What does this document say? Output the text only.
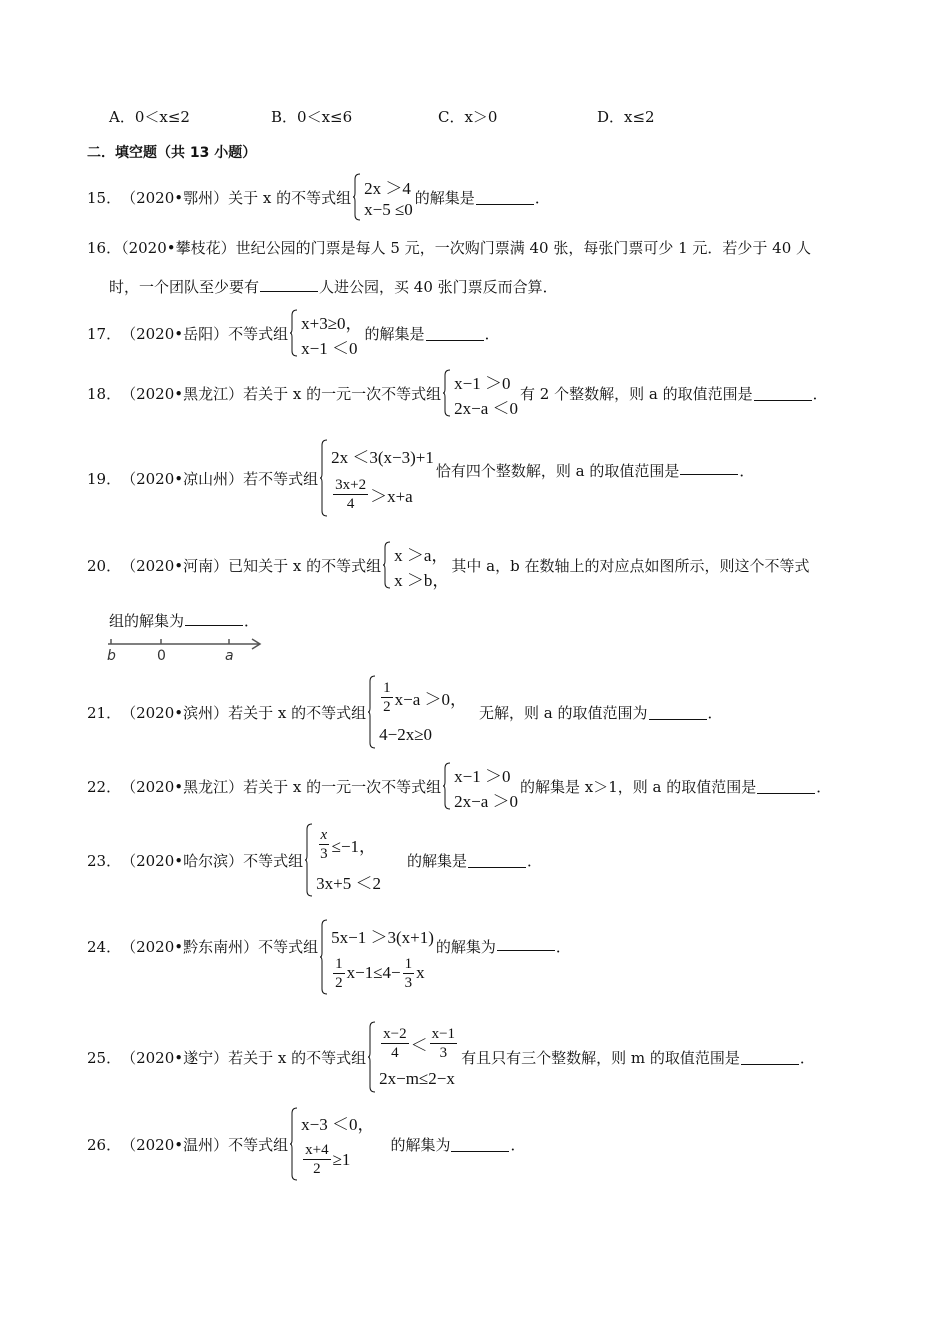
A．0＜x≤2	B．0＜x≤6	C．x＞0	D．x≤2
二．填空题（共 13 小题）
15． （2020•鄂州）关于 x 的不等式组 2x ＞4
x−5 ≤0
的解集是	．
16．（2020•攀枝花）世纪公园的门票是每人 5 元，一次购门票满 40 张，每张门票可少 1 元．若少于 40 人
时，一个团队至少要有	人进公园，买 40 张门票反而合算．
17． （2020•岳阳）不等式组
x+3≥0，
x−1 ＜0
的解集是	．
18． （2020•黑龙江）若关于 x 的一元一次不等式组
x−1 ＞0
2x−a ＜0
有 2 个整数解，则 a 的取值范围是	．
19． （2020•凉山州）若不等式组
2x ＜3(x−3)+1
$\frac{3x+2}{4} >x+a$
恰有四个整数解，则 a 的取值范围是	．
20． （2020•河南）已知关于 x 的不等式组
x ＞a，
x ＞b，
其中 a，b 在数轴上的对应点如图所示，则这个不等式
组的解集为	．
b	0	a
21． （2020•滨州）若关于 x 的不等式组 $\frac{1}{2} x-a >0$，
4−2x≥0
无解，则 a 的取值范围为	．
22． （2020•黑龙江）若关于 x 的一元一次不等式组
x−1 ＞0
2x−a ＞0
的解集是 x＞1，则 a 的取值范围是	．
23． （2020•哈尔滨）不等式组 $\frac{x}{3} \le-1$，
3x+5 ＜2
的解集是	．
24． （2020•黔东南州）不等式组
5x−1 ＞3(x+1)
$\frac{1}{2} x-1\le 4- \frac{1}{3}$ x
的解集为	．
25． （2020•遂宁）若关于 x 的不等式组 $\frac{x-2}{4} < \frac{x-1}{3}$
2x−m≤2−x
有且只有三个整数解，则 m 的取值范围是	．
26． （2020•温州）不等式组
x−3 ＜0，
$\frac{x+4}{2} \ge 1$
的解集为	．
